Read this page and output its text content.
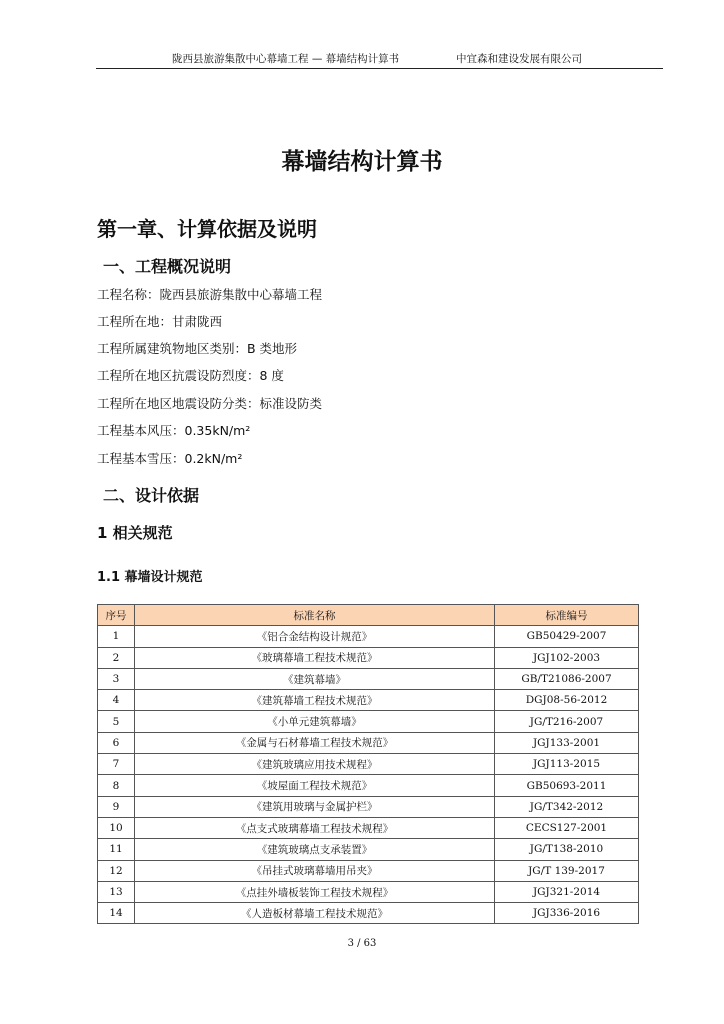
陇西县旅游集散中心幕墙工程 — 幕墙结构计算书	中宜森和建设发展有限公司
幕墙结构计算书
第一章、计算依据及说明
一、工程概况说明
工程名称：陇西县旅游集散中心幕墙工程
工程所在地：甘肃陇西
工程所属建筑物地区类别：B 类地形
工程所在地区抗震设防烈度：8 度
工程所在地区地震设防分类：标准设防类
工程基本风压：0.35kN/m²
工程基本雪压：0.2kN/m²
二、设计依据
1 相关规范
1.1 幕墙设计规范
序号	标准名称	标准编号
1	《铝合金结构设计规范》	GB50429-2007
2	《玻璃幕墙工程技术规范》	JGJ102-2003
3	《建筑幕墙》	GB/T21086-2007
4	《建筑幕墙工程技术规范》	DGJ08-56-2012
5	《小单元建筑幕墙》	JG/T216-2007
6	《金属与石材幕墙工程技术规范》	JGJ133-2001
7	《建筑玻璃应用技术规程》	JGJ113-2015
8	《坡屋面工程技术规范》	GB50693-2011
9	《建筑用玻璃与金属护栏》	JG/T342-2012
10	《点支式玻璃幕墙工程技术规程》	CECS127-2001
11	《建筑玻璃点支承装置》	JG/T138-2010
12	《吊挂式玻璃幕墙用吊夹》	JG/T 139-2017
13	《点挂外墙板装饰工程技术规程》	JGJ321-2014
14	《人造板材幕墙工程技术规范》	JGJ336-2016
3 / 63
